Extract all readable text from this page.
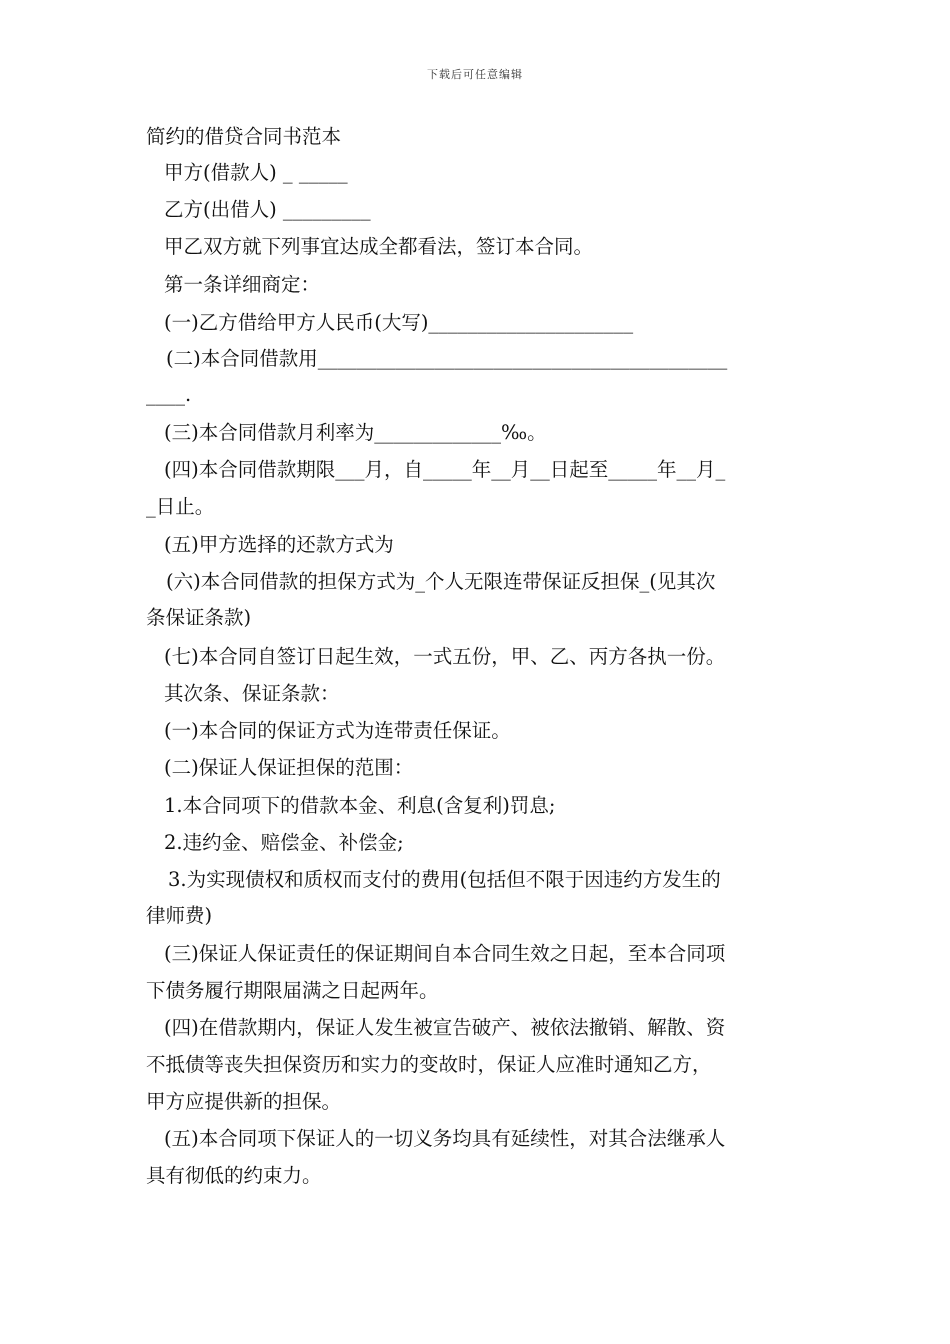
下载后可任意编辑
简约的借贷合同书范本
甲方(借款人) _ _____
乙方(出借人) _________
甲乙双方就下列事宜达成全都看法，签订本合同。
第一条详细商定：
(一)乙方借给甲方人民币(大写)_____________________
(二)本合同借款用__________________________________________
____.
(三)本合同借款月利率为_____________‰。
(四)本合同借款期限___月，自_____年__月__日起至_____年__月_
_日止。
(五)甲方选择的还款方式为
(六)本合同借款的担保方式为_个人无限连带保证反担保_(见其次
条保证条款)
(七)本合同自签订日起生效，一式五份，甲、乙、丙方各执一份。
其次条、保证条款：
(一)本合同的保证方式为连带责任保证。
(二)保证人保证担保的范围：
1.本合同项下的借款本金、利息(含复利)罚息;
2.违约金、赔偿金、补偿金;
3.为实现债权和质权而支付的费用(包括但不限于因违约方发生的
律师费)
(三)保证人保证责任的保证期间自本合同生效之日起，至本合同项
下债务履行期限届满之日起两年。
(四)在借款期内，保证人发生被宣告破产、被依法撤销、解散、资
不抵债等丧失担保资历和实力的变故时，保证人应准时通知乙方，
甲方应提供新的担保。
(五)本合同项下保证人的一切义务均具有延续性，对其合法继承人
具有彻低的约束力。
